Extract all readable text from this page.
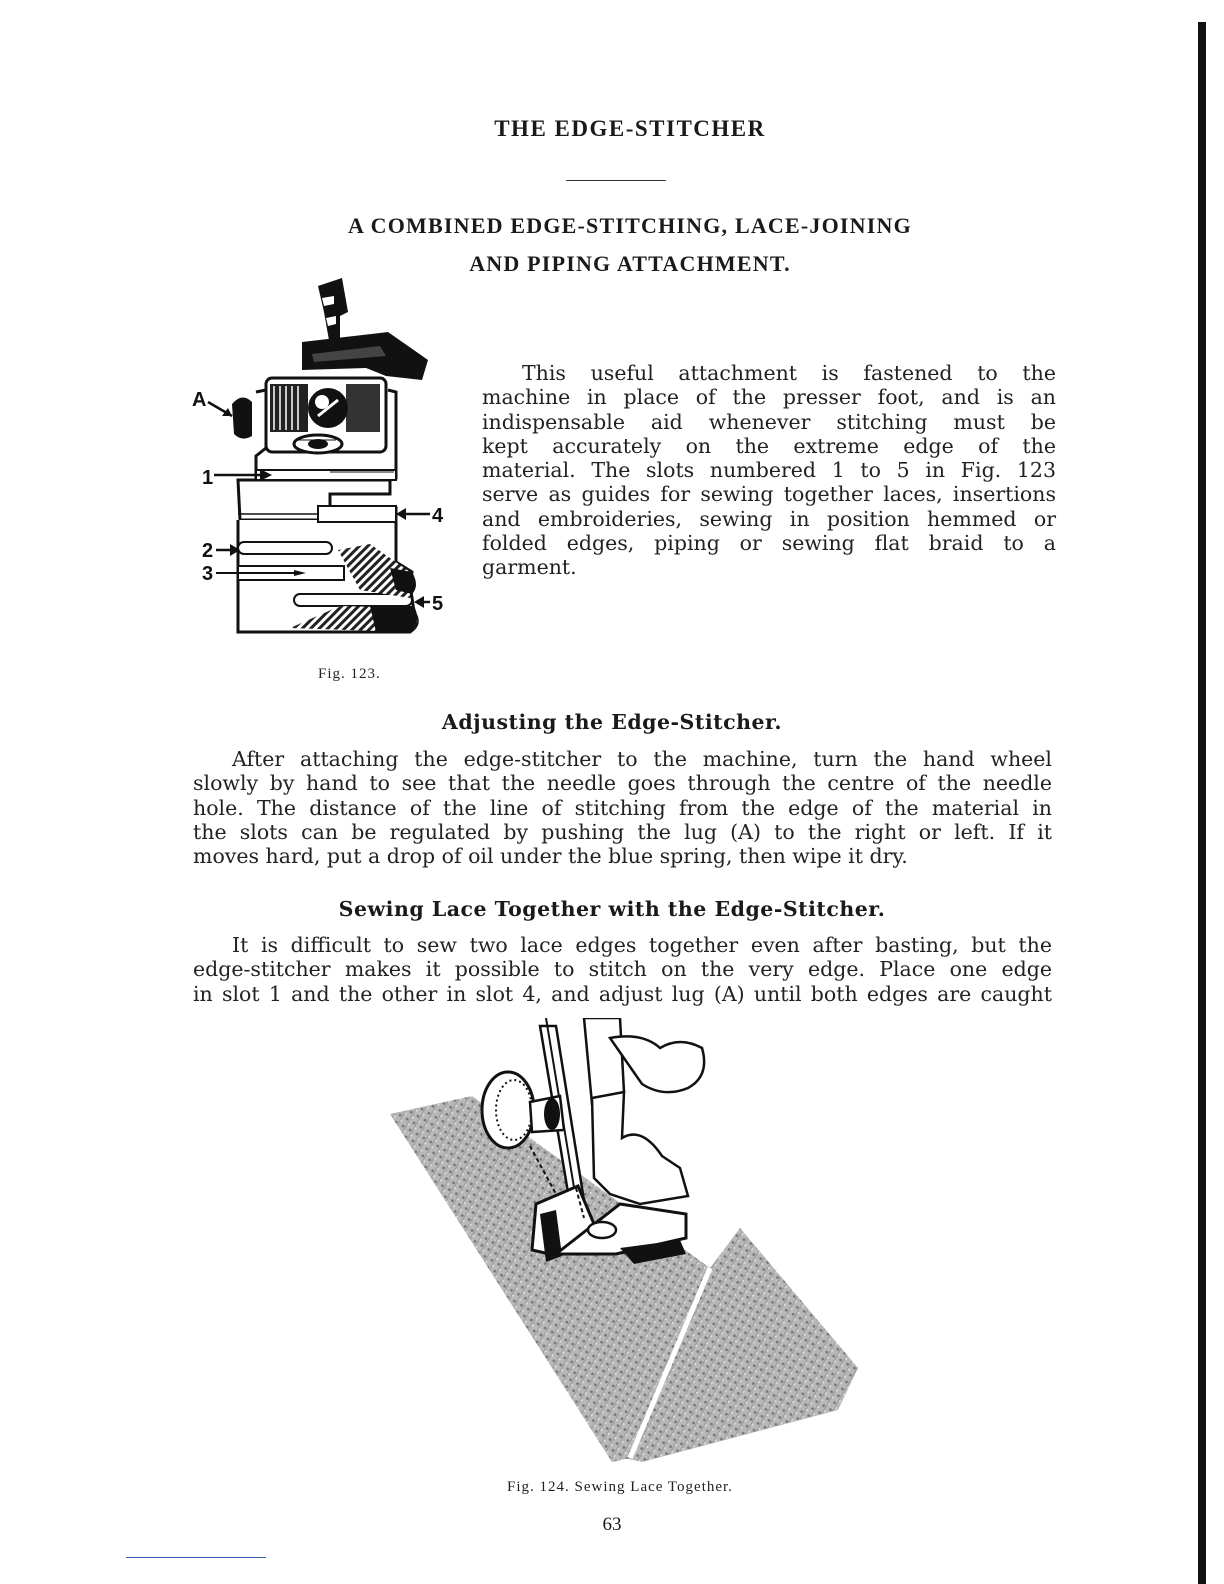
THE EDGE-STITCHER
A COMBINED EDGE-STITCHING, LACE-JOINING
AND PIPING ATTACHMENT.
A
1
2
3
4
5
Fig. 123.
This useful attachment is fastened to the
machine in place of the presser foot, and is an
indispensable aid whenever stitching must be
kept accurately on the extreme edge of the
material. The slots numbered 1 to 5 in Fig. 123
serve as guides for sewing together laces, insertions
and embroideries, sewing in position hemmed or
folded edges, piping or sewing flat braid to a
garment.
Adjusting the Edge-Stitcher.
After attaching the edge-stitcher to the machine, turn the hand wheel
slowly by hand to see that the needle goes through the centre of the needle
hole. The distance of the line of stitching from the edge of the material in
the slots can be regulated by pushing the lug (A) to the right or left. If it
moves hard, put a drop of oil under the blue spring, then wipe it dry.
Sewing Lace Together with the Edge-Stitcher.
It is difficult to sew two lace edges together even after basting, but the
edge-stitcher makes it possible to stitch on the very edge. Place one edge
in slot 1 and the other in slot 4, and adjust lug (A) until both edges are caught
Fig. 124. Sewing Lace Together.
63
